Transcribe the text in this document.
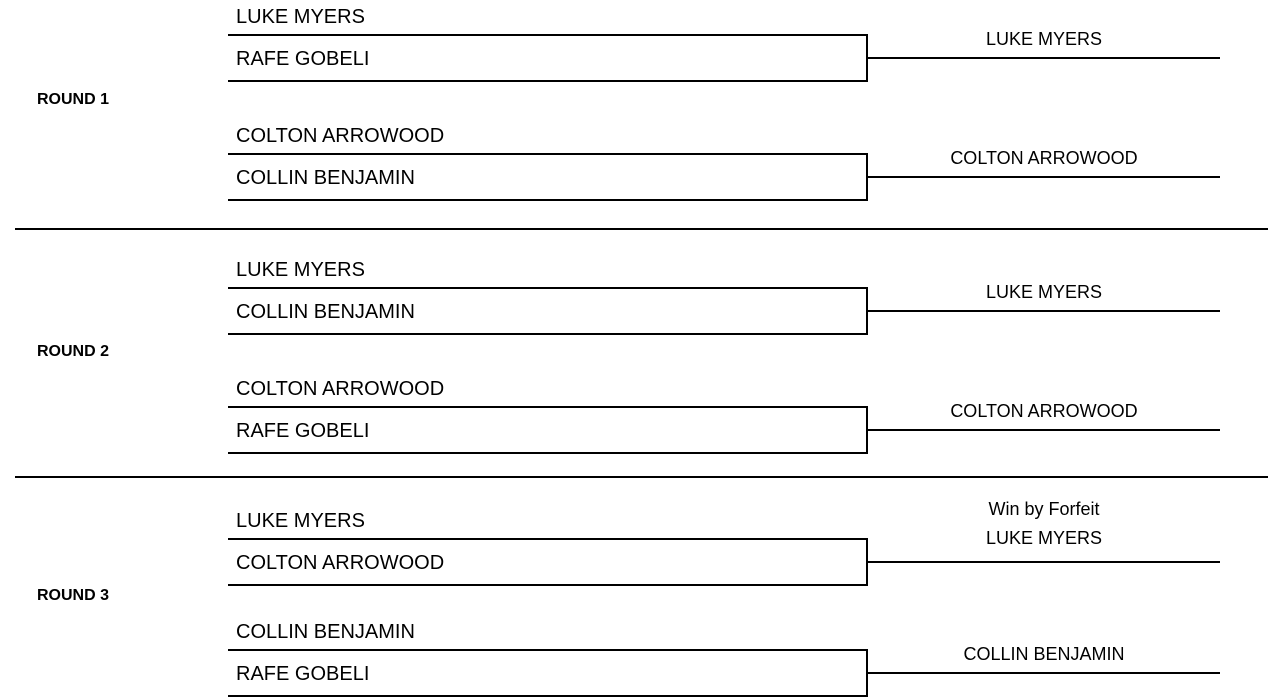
ROUND 1
LUKE MYERS
RAFE GOBELI
LUKE MYERS
COLTON ARROWOOD
COLLIN BENJAMIN
COLTON ARROWOOD
ROUND 2
LUKE MYERS
COLLIN BENJAMIN
LUKE MYERS
COLTON ARROWOOD
RAFE GOBELI
COLTON ARROWOOD
ROUND 3
LUKE MYERS
COLTON ARROWOOD
Win by Forfeit
LUKE MYERS
COLLIN BENJAMIN
RAFE GOBELI
COLLIN BENJAMIN
